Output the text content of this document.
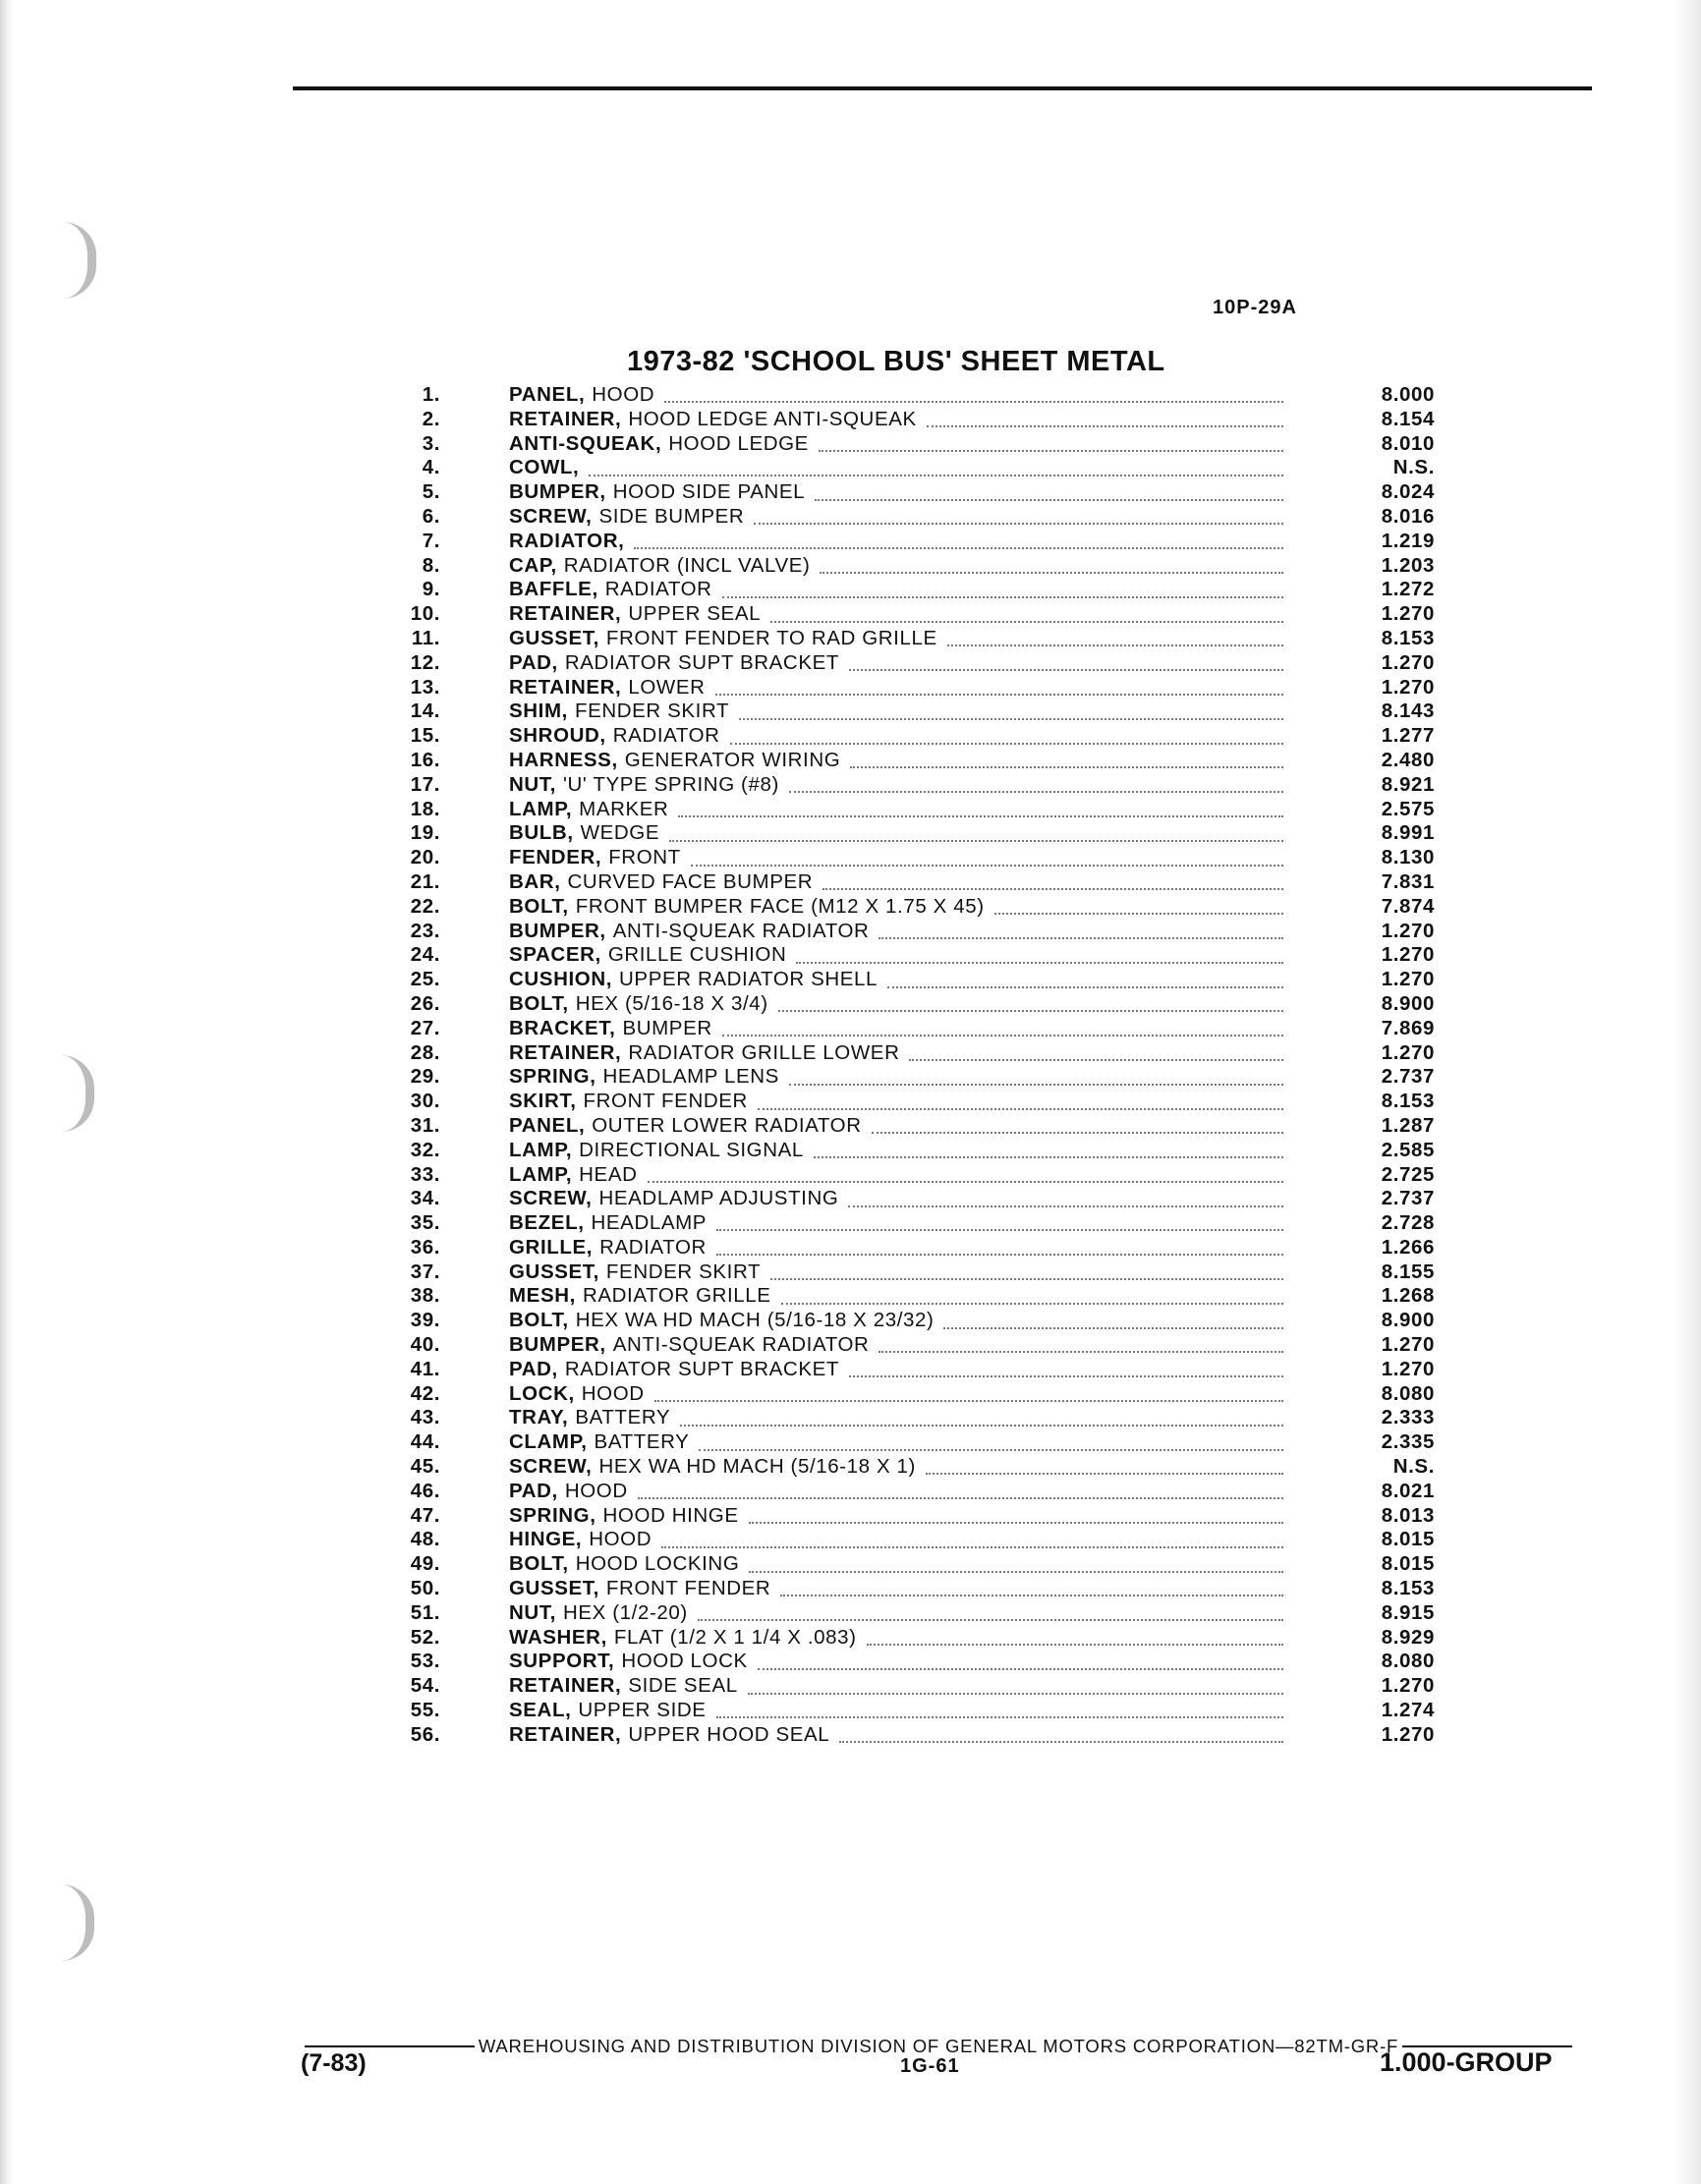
10P-29A
1973-82 'SCHOOL BUS' SHEET METAL
1.	PANEL, HOOD	8.000
2.	RETAINER, HOOD LEDGE ANTI-SQUEAK	8.154
3.	ANTI-SQUEAK, HOOD LEDGE	8.010
4.	COWL,	N.S.
5.	BUMPER, HOOD SIDE PANEL	8.024
6.	SCREW, SIDE BUMPER	8.016
7.	RADIATOR,	1.219
8.	CAP, RADIATOR (INCL VALVE)	1.203
9.	BAFFLE, RADIATOR	1.272
10.	RETAINER, UPPER SEAL	1.270
11.	GUSSET, FRONT FENDER TO RAD GRILLE	8.153
12.	PAD, RADIATOR SUPT BRACKET	1.270
13.	RETAINER, LOWER	1.270
14.	SHIM, FENDER SKIRT	8.143
15.	SHROUD, RADIATOR	1.277
16.	HARNESS, GENERATOR WIRING	2.480
17.	NUT, 'U' TYPE SPRING (#8)	8.921
18.	LAMP, MARKER	2.575
19.	BULB, WEDGE	8.991
20.	FENDER, FRONT	8.130
21.	BAR, CURVED FACE BUMPER	7.831
22.	BOLT, FRONT BUMPER FACE (M12 X 1.75 X 45)	7.874
23.	BUMPER, ANTI-SQUEAK RADIATOR	1.270
24.	SPACER, GRILLE CUSHION	1.270
25.	CUSHION, UPPER RADIATOR SHELL	1.270
26.	BOLT, HEX (5/16-18 X 3/4)	8.900
27.	BRACKET, BUMPER	7.869
28.	RETAINER, RADIATOR GRILLE LOWER	1.270
29.	SPRING, HEADLAMP LENS	2.737
30.	SKIRT, FRONT FENDER	8.153
31.	PANEL, OUTER LOWER RADIATOR	1.287
32.	LAMP, DIRECTIONAL SIGNAL	2.585
33.	LAMP, HEAD	2.725
34.	SCREW, HEADLAMP ADJUSTING	2.737
35.	BEZEL, HEADLAMP	2.728
36.	GRILLE, RADIATOR	1.266
37.	GUSSET, FENDER SKIRT	8.155
38.	MESH, RADIATOR GRILLE	1.268
39.	BOLT, HEX WA HD MACH (5/16-18 X 23/32)	8.900
40.	BUMPER, ANTI-SQUEAK RADIATOR	1.270
41.	PAD, RADIATOR SUPT BRACKET	1.270
42.	LOCK, HOOD	8.080
43.	TRAY, BATTERY	2.333
44.	CLAMP, BATTERY	2.335
45.	SCREW, HEX WA HD MACH (5/16-18 X 1)	N.S.
46.	PAD, HOOD	8.021
47.	SPRING, HOOD HINGE	8.013
48.	HINGE, HOOD	8.015
49.	BOLT, HOOD LOCKING	8.015
50.	GUSSET, FRONT FENDER	8.153
51.	NUT, HEX (1/2-20)	8.915
52.	WASHER, FLAT (1/2 X 1 1/4 X .083)	8.929
53.	SUPPORT, HOOD LOCK	8.080
54.	RETAINER, SIDE SEAL	1.270
55.	SEAL, UPPER SIDE	1.274
56.	RETAINER, UPPER HOOD SEAL	1.270
WAREHOUSING AND DISTRIBUTION DIVISION OF GENERAL MOTORS CORPORATION—82TM-GR-F
(7-83)	1G-61	1.000-GROUP
